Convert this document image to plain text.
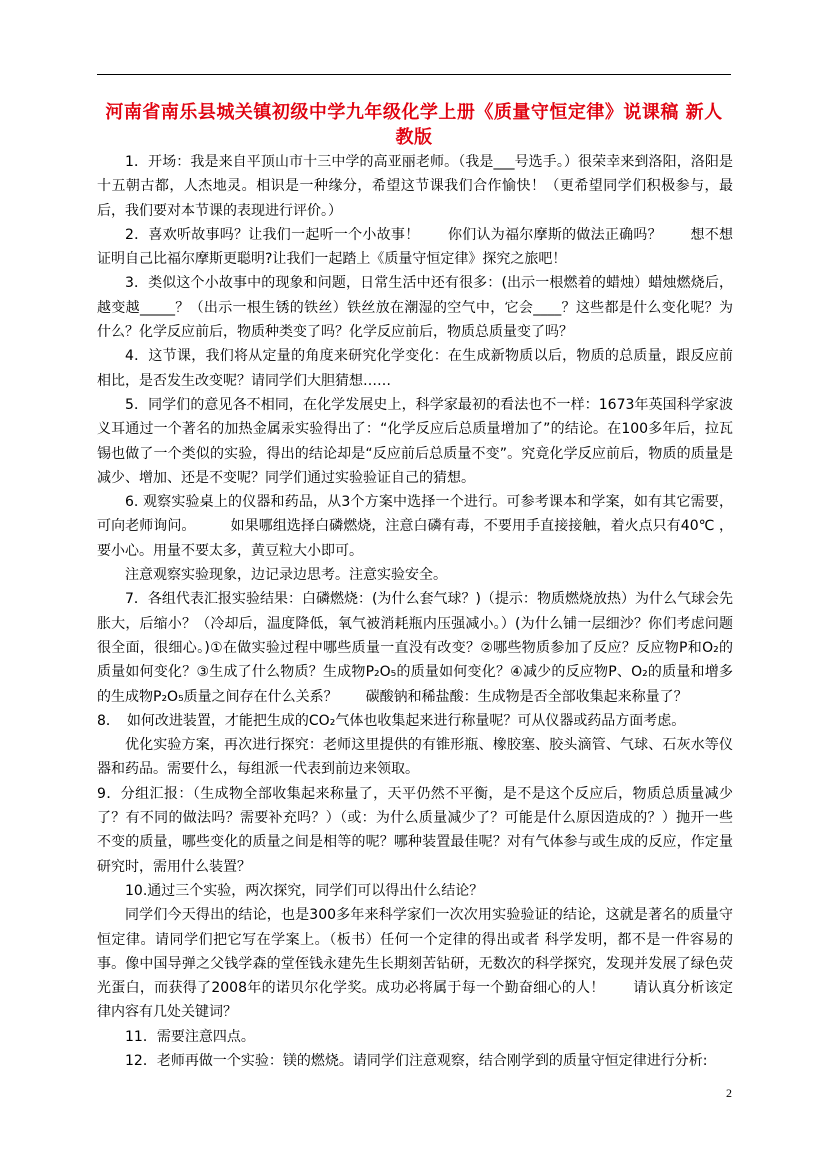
河南省南乐县城关镇初级中学九年级化学上册《质量守恒定律》说课稿 新人教版

1．开场：我是来自平顶山市十三中学的高亚丽老师。（我是___号选手。）很荣幸来到洛阳，洛阳是十五朝古都，人杰地灵。相识是一种缘分，希望这节课我们合作愉快！（更希望同学们积极参与，最后，我们要对本节课的表现进行评价。）

2．喜欢听故事吗？让我们一起听一个小故事！　　你们认为福尔摩斯的做法正确吗？　　想不想证明自己比福尔摩斯更聪明?让我们一起踏上《质量守恒定律》探究之旅吧！

3．类似这个小故事中的现象和问题，日常生活中还有很多：(出示一根燃着的蜡烛）蜡烛燃烧后，越变越_____？（出示一根生锈的铁丝）铁丝放在潮湿的空气中，它会____？这些都是什么变化呢？为什么？化学反应前后，物质种类变了吗？化学反应前后，物质总质量变了吗？

4．这节课，我们将从定量的角度来研究化学变化：在生成新物质以后，物质的总质量，跟反应前相比，是否发生改变呢？请同学们大胆猜想……

5．同学们的意见各不相同，在化学发展史上，科学家最初的看法也不一样：1673年英国科学家波义耳通过一个著名的加热金属汞实验得出了：“化学反应后总质量增加了”的结论。在100多年后，拉瓦锡也做了一个类似的实验，得出的结论却是“反应前后总质量不变”。究竟化学反应前后，物质的质量是减少、增加、还是不变呢？同学们通过实验验证自己的猜想。

6. 观察实验桌上的仪器和药品，从3个方案中选择一个进行。可参考课本和学案，如有其它需要，可向老师询问。　　　如果哪组选择白磷燃烧，注意白磷有毒，不要用手直接接触，着火点只有40℃ ，要小心。用量不要太多，黄豆粒大小即可。

注意观察实验现象，边记录边思考。注意实验安全。

7．各组代表汇报实验结果：白磷燃烧：(为什么套气球？)（提示：物质燃烧放热）为什么气球会先胀大，后缩小？（冷却后，温度降低，氧气被消耗瓶内压强减小。）(为什么铺一层细沙？你们考虑问题很全面，很细心。)①在做实验过程中哪些质量一直没有改变？②哪些物质参加了反应？反应物P和O₂的质量如何变化？③生成了什么物质？生成物P₂O₅的质量如何变化？④减少的反应物P、O₂的质量和增多的生成物P₂O₅质量之间存在什么关系？　　碳酸钠和稀盐酸：生成物是否全部收集起来称量了？

8．　如何改进装置，才能把生成的CO₂气体也收集起来进行称量呢？可从仪器或药品方面考虑。

优化实验方案，再次进行探究：老师这里提供的有锥形瓶、橡胶塞、胶头滴管、气球、石灰水等仪器和药品。需要什么，每组派一代表到前边来领取。

9．分组汇报：（生成物全部收集起来称量了，天平仍然不平衡，是不是这个反应后，物质总质量减少了？有不同的做法吗？需要补充吗？）（或：为什么质量减少了？可能是什么原因造成的？）抛开一些不变的质量，哪些变化的质量之间是相等的呢？哪种装置最佳呢？对有气体参与或生成的反应，作定量研究时，需用什么装置？

10.通过三个实验，两次探究，同学们可以得出什么结论？

同学们今天得出的结论，也是300多年来科学家们一次次用实验验证的结论，这就是著名的质量守恒定律。请同学们把它写在学案上。（板书）任何一个定律的得出或者 科学发明，都不是一件容易的事。像中国导弹之父钱学森的堂侄钱永建先生长期刻苦钻研，无数次的科学探究，发现并发展了绿色荧光蛋白，而获得了2008年的诺贝尔化学奖。成功必将属于每一个勤奋细心的人！　　请认真分析该定律内容有几处关键词？

11．需要注意四点。

12．老师再做一个实验：镁的燃烧。请同学们注意观察，结合刚学到的质量守恒定律进行分析:

2
